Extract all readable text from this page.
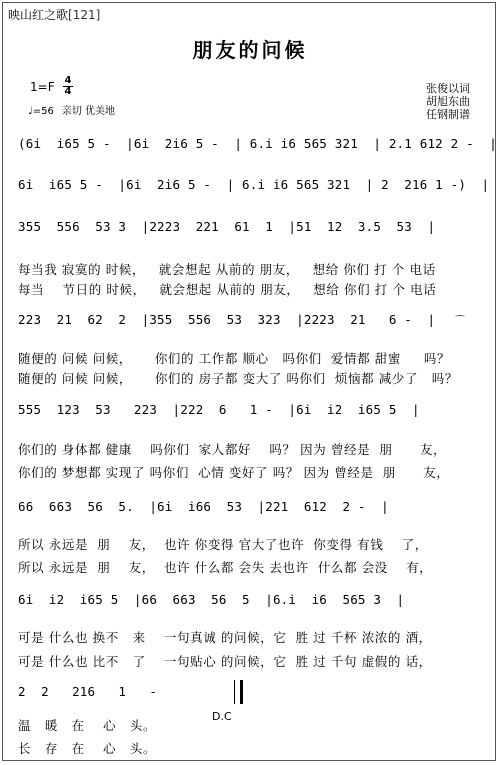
映山红之歌[121]
朋友的问候
1=F 4
4
♩=56 亲切 优美地
张俊以词
胡旭东曲
任钢制谱
(6i  i65 5 -  |6i  2i6 5 -  | 6.i i6 565 321  | 2.1 612 2 -  |
6i  i65 5 -  |6i  2i6 5 -  | 6.i i6 565 321  | 2  216 1 -)  |
355  556  53 3  |2223  221  61  1  |51  12  3.5  53  |
每当我 寂寞的 时候，   就会想起 从前的 朋友，   想给 你们 打 个 电话
每当    节日的 时候，   就会想起 从前的 朋友，   想给 你们 打 个 电话
223  21  62  2  |355  556  53  323  |2223  21   6 -  |	⌒
随便的 问候 问候，     你们的 工作都 顺心   吗你们  爱情都 甜蜜     吗？
随便的 问候 问候，     你们的 房子都 变大了 吗你们  烦恼都 减少了   吗？
555  123  53   223  |222  6   1 -  |6i  i2  i65 5  |
你们的 身体都 健康    吗你们  家人都好    吗？ 因为 曾经是  朋      友，
你们的 梦想都 实现了 吗你们  心情 变好了 吗？ 因为 曾经是  朋      友，
66  663  56  5.  |6i  i66  53  |221  612  2 -  |
所以 永远是  朋    友，  也许 你变得 官大了也许  你变得 有钱    了，
所以 永远是  朋    友，  也许 什么都 会失 去也许  什么都 会没    有，
6i  i2  i65 5  |66  663  56  5  |6.i  i6  565 3  |
可是 什么也 换不   来    一句真诚 的问候，它  胜 过 千杯 浓浓的 酒，
可是 什么也 比不   了    一句贴心 的问候，它  胜 过 千句 虚假的 话，
2  2   216   1   -
D.C
温   暖   在    心   头。
长   存   在    心   头。
